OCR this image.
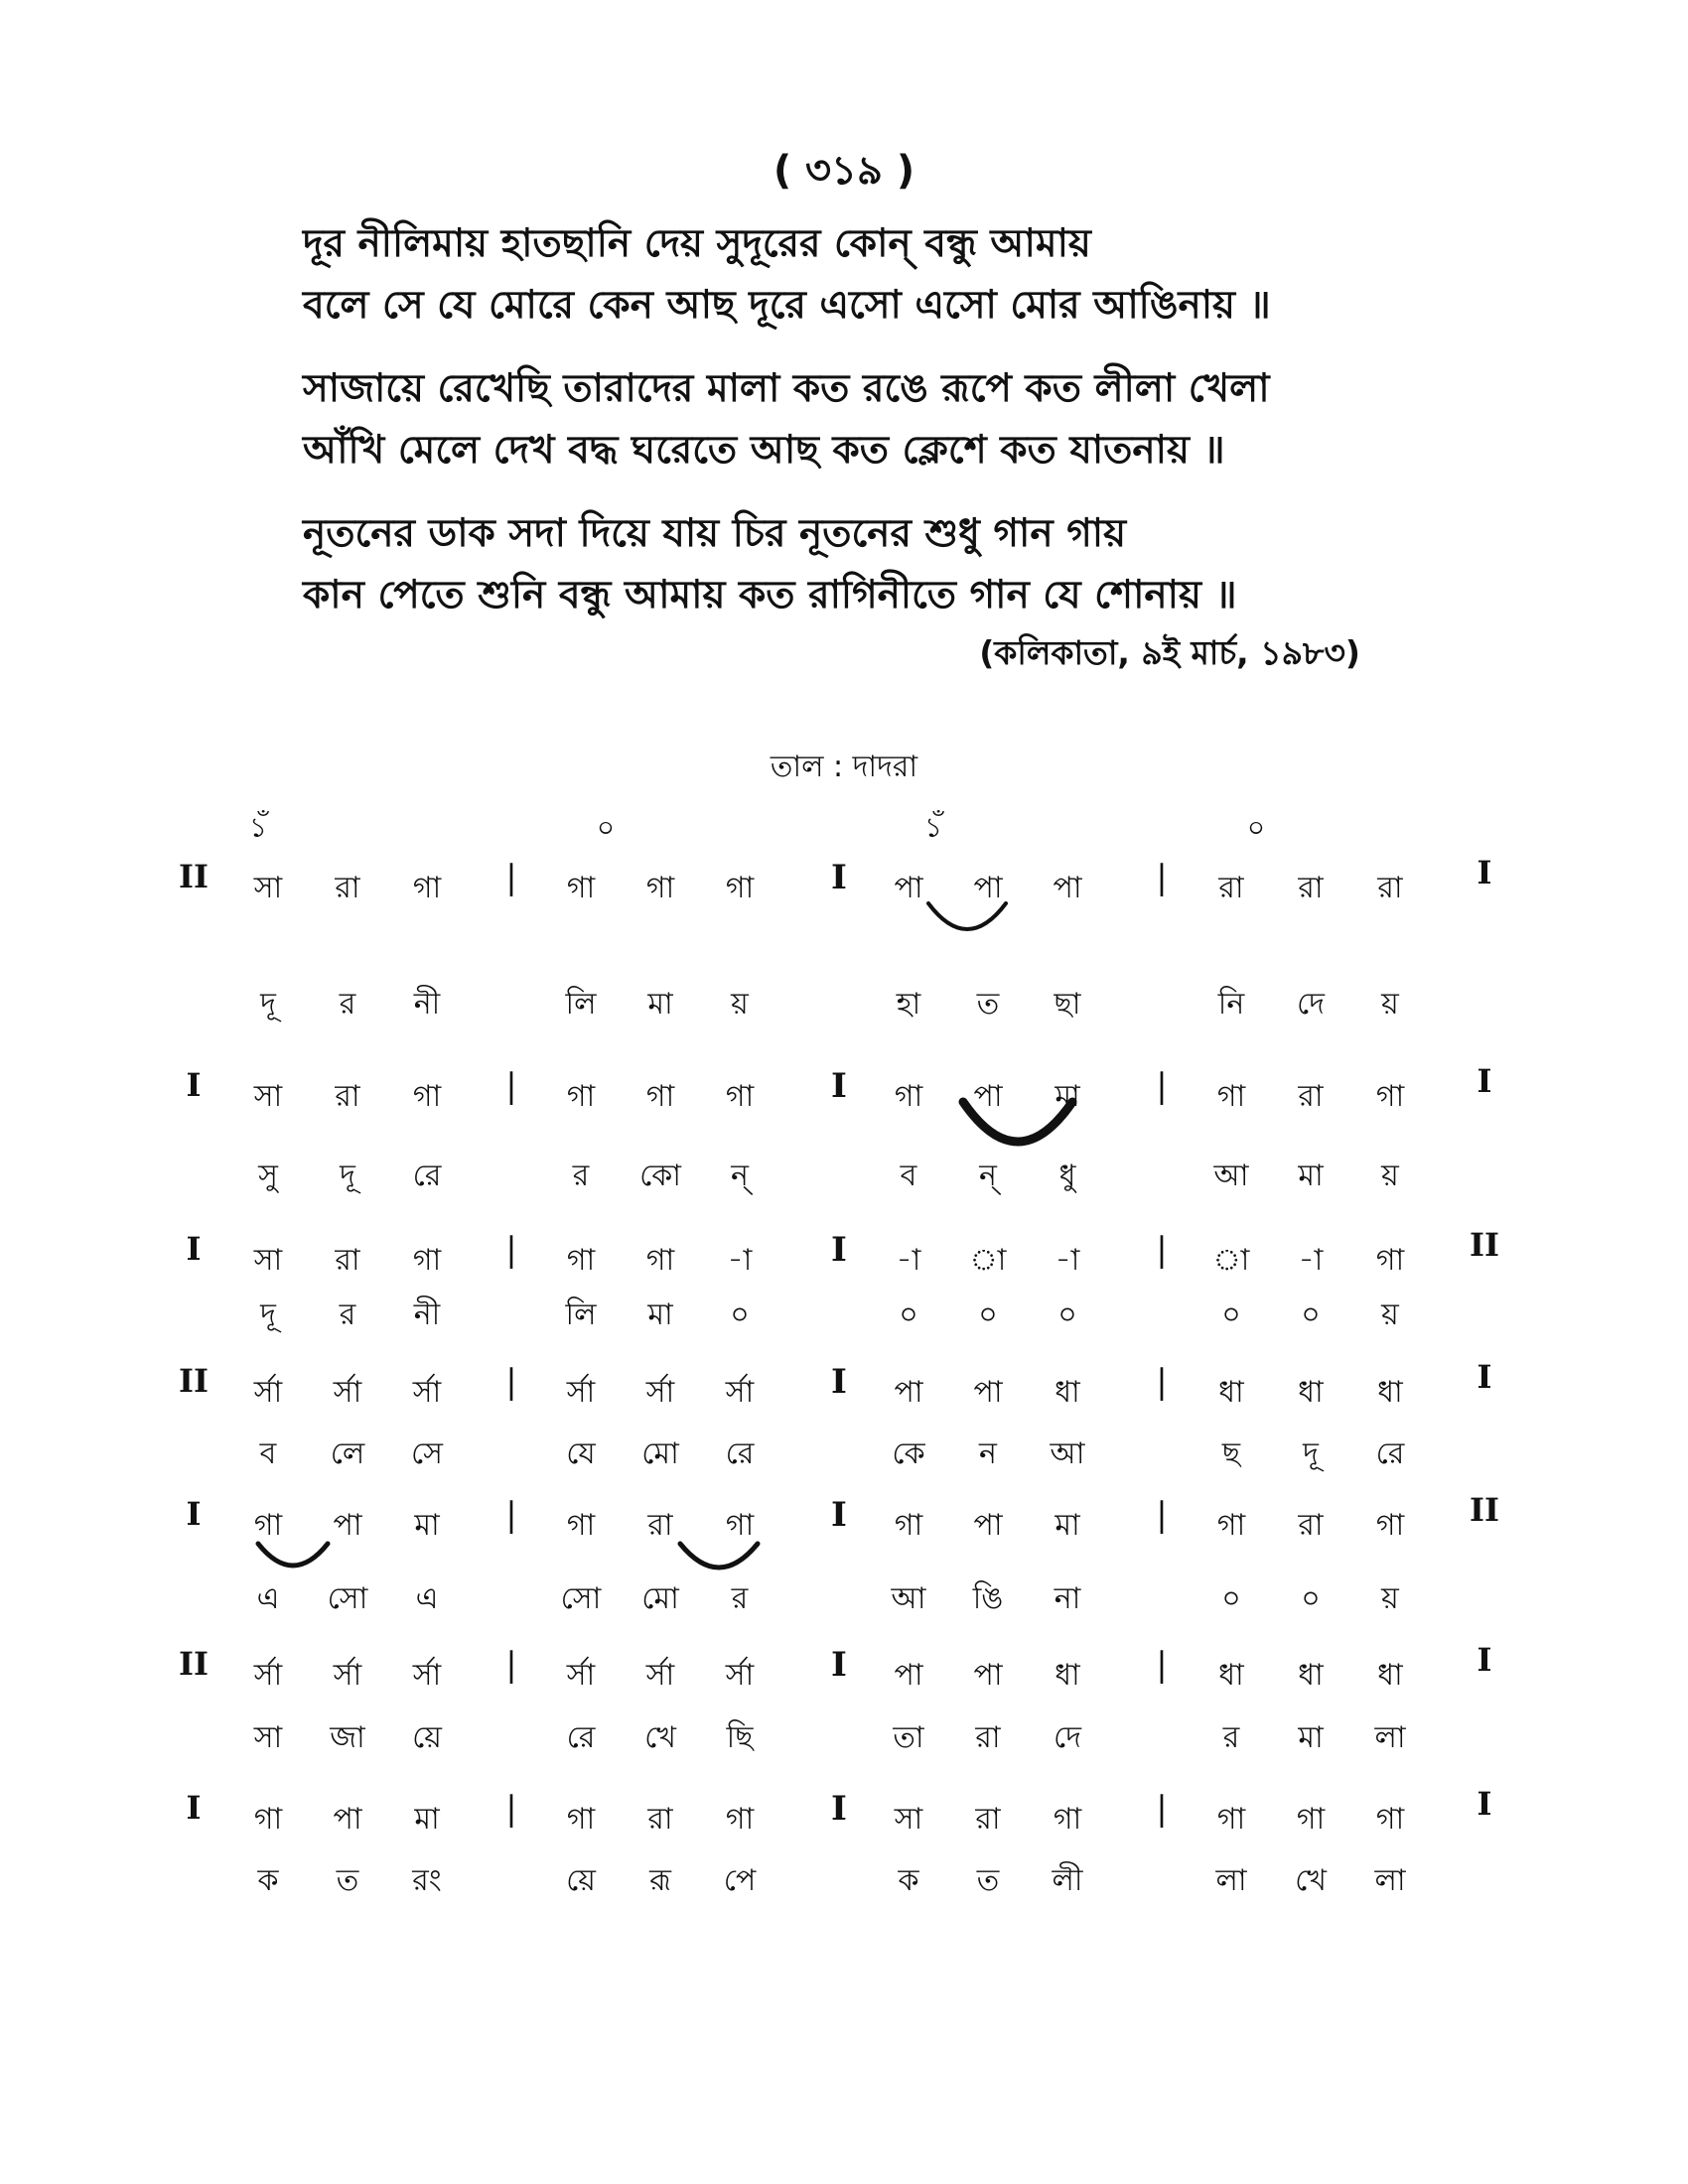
( ৩১৯ )
দূর নীলিমায় হাতছানি দেয় সুদূরের কোন্ বন্ধু আমায়
বলে সে যে মোরে কেন আছ দূরে এসো এসো মোর আঙিনায় ॥
সাজায়ে রেখেছি তারাদের মালা কত রঙে রূপে কত লীলা খেলা
আঁখি মেলে দেখ বদ্ধ ঘরেতে আছ কত ক্লেশে কত যাতনায় ॥
নূতনের ডাক সদা দিয়ে যায় চির নূতনের শুধু গান গায়
কান পেতে শুনি বন্ধু আমায় কত রাগিনীতে গান যে শোনায় ॥
(কলিকাতা, ৯ই মার্চ, ১৯৮৩)
তাল : দাদরা
১ঁ	০	১ঁ	০
II	I
|	I	|
সা	রা	গা	গা	গা	গা	পা	পা	পা	রা	রা	রা
দূ	র	নী	লি	মা	য়	হা	ত	ছা	নি	দে	য়
I	I
|	I	|
সা	রা	গা	গা	গা	গা	গা	পা	মা	গা	রা	গা
সু	দূ	রে	র	কো	ন্	ব	ন্	ধু	আ	মা	য়
I	II
|	I	|
সা	রা	গা	গা	গা	-া	-া	া	-া	া	-া	গা
দূ	র	নী	লি	মা	০	০	০	০	০	০	য়
II	I
|	I	|
র্সা	র্সা	র্সা	র্সা	র্সা	র্সা	পা	পা	ধা	ধা	ধা	ধা
ব	লে	সে	যে	মো	রে	কে	ন	আ	ছ	দূ	রে
I	II
|	I	|
গা	পা	মা	গা	রা	গা	গা	পা	মা	গা	রা	গা
এ	সো	এ	সো	মো	র	আ	ঙি	না	০	০	য়
II	I
|	I	|
র্সা	র্সা	র্সা	র্সা	র্সা	র্সা	পা	পা	ধা	ধা	ধা	ধা
সা	জা	য়ে	রে	খে	ছি	তা	রা	দে	র	মা	লা
I	I
|	I	|
গা	পা	মা	গা	রা	গা	সা	রা	গা	গা	গা	গা
ক	ত	রং	য়ে	রূ	পে	ক	ত	লী	লা	খে	লা
